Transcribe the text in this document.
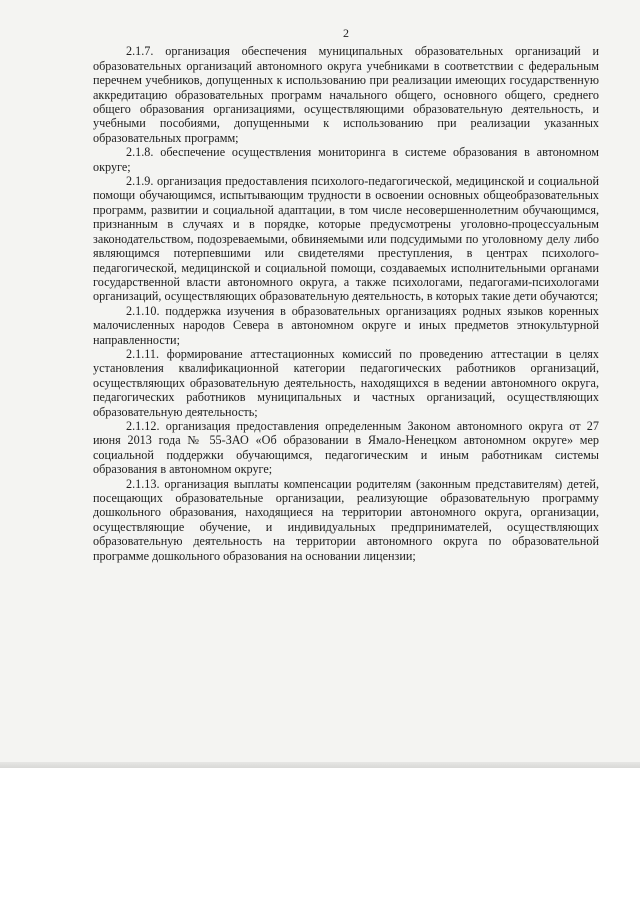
2

2.1.7. организация обеспечения муниципальных образовательных организаций и образовательных организаций автономного округа учебниками в соответствии с федеральным перечнем учебников, допущенных к использованию при реализации имеющих государственную аккредитацию образовательных программ начального общего, основного общего, среднего общего образования организациями, осуществляющими образовательную деятельность, и учебными пособиями, допущенными к использованию при реализации указанных образовательных программ;

2.1.8. обеспечение осуществления мониторинга в системе образования в автономном округе;

2.1.9. организация предоставления психолого-педагогической, медицинской и социальной помощи обучающимся, испытывающим трудности в освоении основных общеобразовательных программ, развитии и социальной адаптации, в том числе несовершеннолетним обучающимся, признанным в случаях и в порядке, которые предусмотрены уголовно-процессуальным законодательством, подозреваемыми, обвиняемыми или подсудимыми по уголовному делу либо являющимся потерпевшими или свидетелями преступления, в центрах психолого-педагогической, медицинской и социальной помощи, создаваемых исполнительными органами государственной власти автономного округа, а также психологами, педагогами-психологами организаций, осуществляющих образовательную деятельность, в которых такие дети обучаются;

2.1.10. поддержка изучения в образовательных организациях родных языков коренных малочисленных народов Севера в автономном округе и иных предметов этнокультурной направленности;

2.1.11. формирование аттестационных комиссий по проведению аттестации в целях установления квалификационной категории педагогических работников организаций, осуществляющих образовательную деятельность, находящихся в ведении автономного округа, педагогических работников муниципальных и частных организаций, осуществляющих образовательную деятельность;

2.1.12. организация предоставления определенным Законом автономного округа от 27 июня 2013 года № 55-ЗАО «Об образовании в Ямало-Ненецком автономном округе» мер социальной поддержки обучающимся, педагогическим и иным работникам системы образования в автономном округе;

2.1.13. организация выплаты компенсации родителям (законным представителям) детей, посещающих образовательные организации, реализующие образовательную программу дошкольного образования, находящиеся на территории автономного округа, организации, осуществляющие обучение, и индивидуальных предпринимателей, осуществляющих образовательную деятельность на территории автономного округа по образовательной программе дошкольного образования на основании лицензии;
